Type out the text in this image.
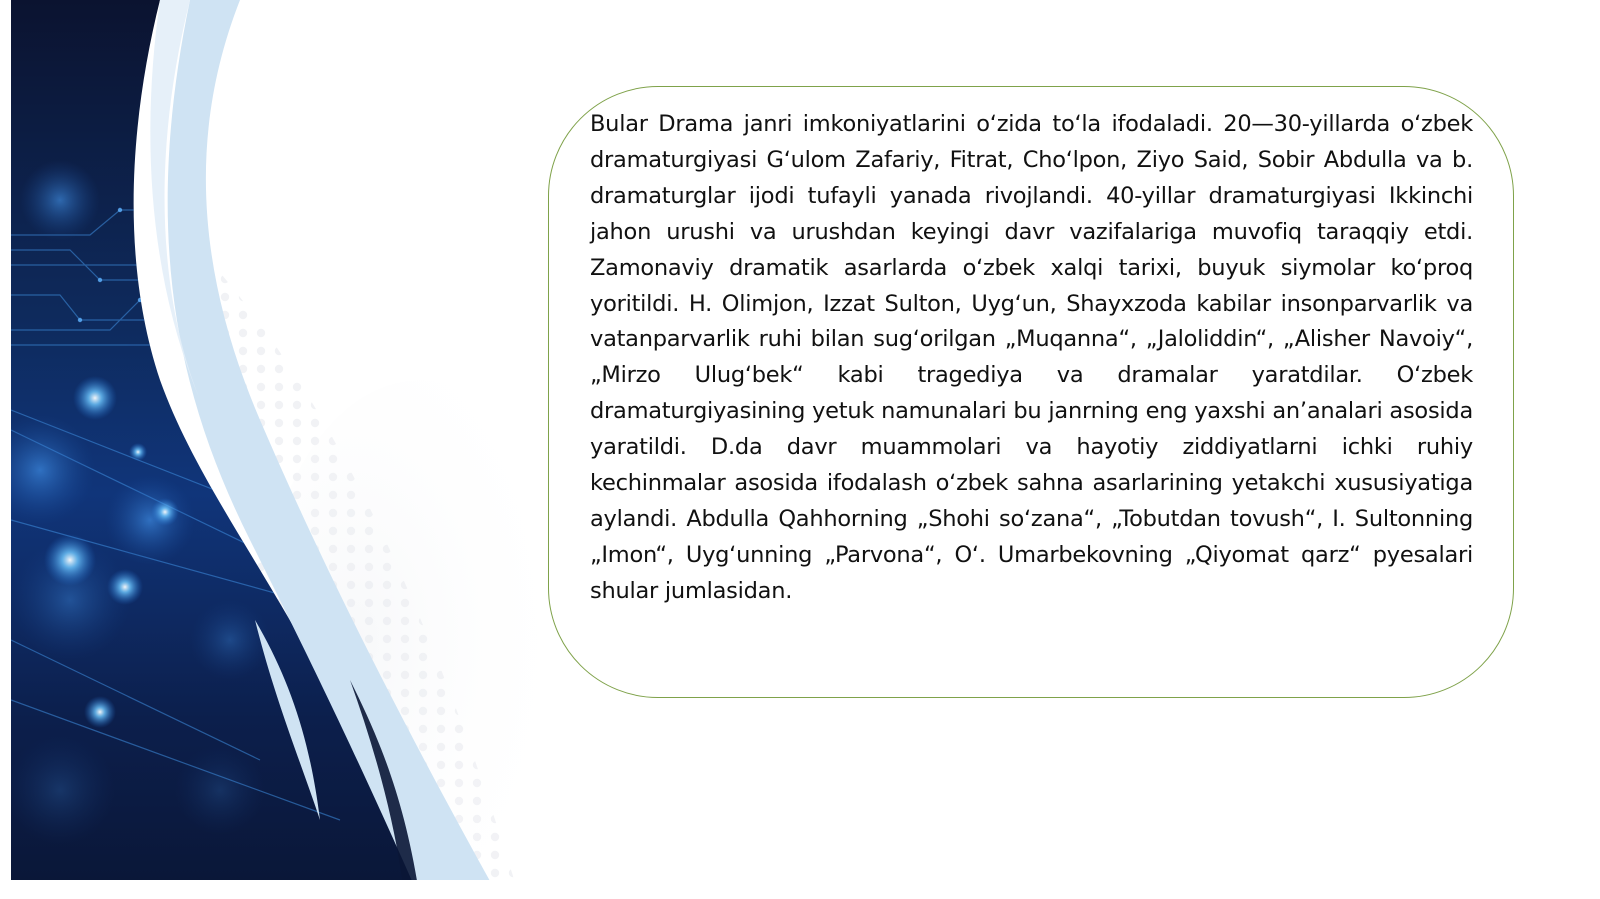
Bular Drama janri imkoniyatlarini oʻzida toʻla ifodaladi. 20—30-yillarda oʻzbek dramaturgiyasi Gʻulom Zafariy, Fitrat, Choʻlpon, Ziyo Said, Sobir Abdulla va b. dramaturglar ijodi tufayli yanada rivojlandi. 40-yillar dramaturgiyasi Ikkinchi jahon urushi va urushdan keyingi davr vazifalariga muvofiq taraqqiy etdi. Zamonaviy dramatik asarlarda oʻzbek xalqi tarixi, buyuk siymolar koʻproq yoritildi. H. Olimjon, Izzat Sulton, Uygʻun, Shayxzoda kabilar insonparvarlik va vatanparvarlik ruhi bilan sugʻorilgan „Muqanna“, „Jaloliddin“, „Alisher Navoiy“, „Mirzo Ulugʻbek“ kabi tragediya va dramalar yaratdilar. Oʻzbek dramaturgiyasining yetuk namunalari bu janrning eng yaxshi an’analari asosida yaratildi. D.da davr muammolari va hayotiy ziddiyatlarni ichki ruhiy kechinmalar asosida ifodalash oʻzbek sahna asarlarining yetakchi xususiyatiga aylandi. Abdulla Qahhorning „Shohi soʻzana“, „Tobutdan tovush“, I. Sultonning „Imon“, Uygʻunning „Parvona“, Oʻ. Umarbekovning „Qiyomat qarz“ pyesalari shular jumlasidan.
